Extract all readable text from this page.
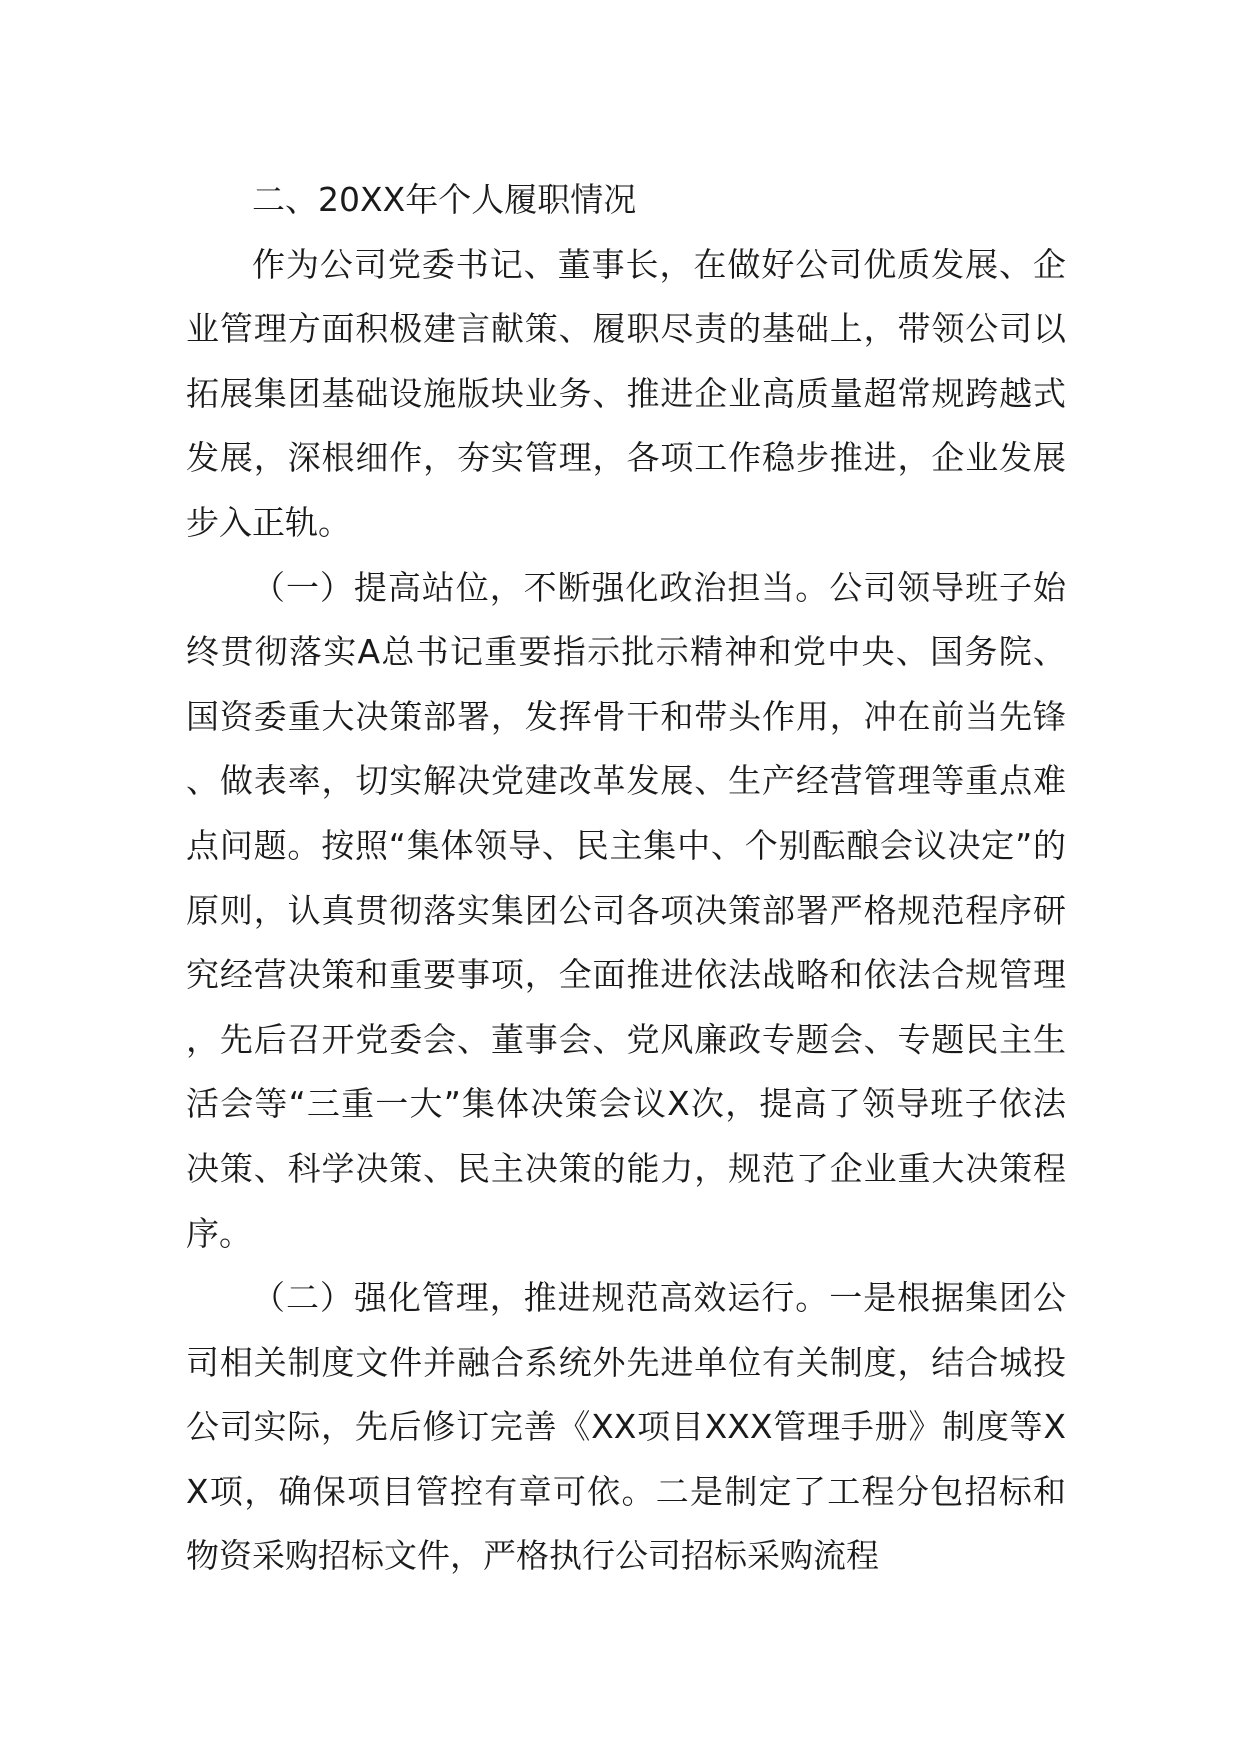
二、20XX年个人履职情况

作为公司党委书记、董事长，在做好公司优质发展、企业管理方面积极建言献策、履职尽责的基础上，带领公司以拓展集团基础设施版块业务、推进企业高质量超常规跨越式发展，深根细作，夯实管理，各项工作稳步推进，企业发展步入正轨。

（一）提高站位，不断强化政治担当。公司领导班子始终贯彻落实A总书记重要指示批示精神和党中央、国务院、国资委重大决策部署，发挥骨干和带头作用，冲在前当先锋、做表率，切实解决党建改革发展、生产经营管理等重点难点问题。按照“集体领导、民主集中、个别酝酿会议决定”的原则，认真贯彻落实集团公司各项决策部署严格规范程序研究经营决策和重要事项，全面推进依法战略和依法合规管理，先后召开党委会、董事会、党风廉政专题会、专题民主生活会等“三重一大”集体决策会议X次，提高了领导班子依法决策、科学决策、民主决策的能力，规范了企业重大决策程序。

（二）强化管理，推进规范高效运行。一是根据集团公司相关制度文件并融合系统外先进单位有关制度，结合城投公司实际，先后修订完善《XX项目XXX管理手册》制度等XX项，确保项目管控有章可依。二是制定了工程分包招标和物资采购招标文件，严格执行公司招标采购流程
